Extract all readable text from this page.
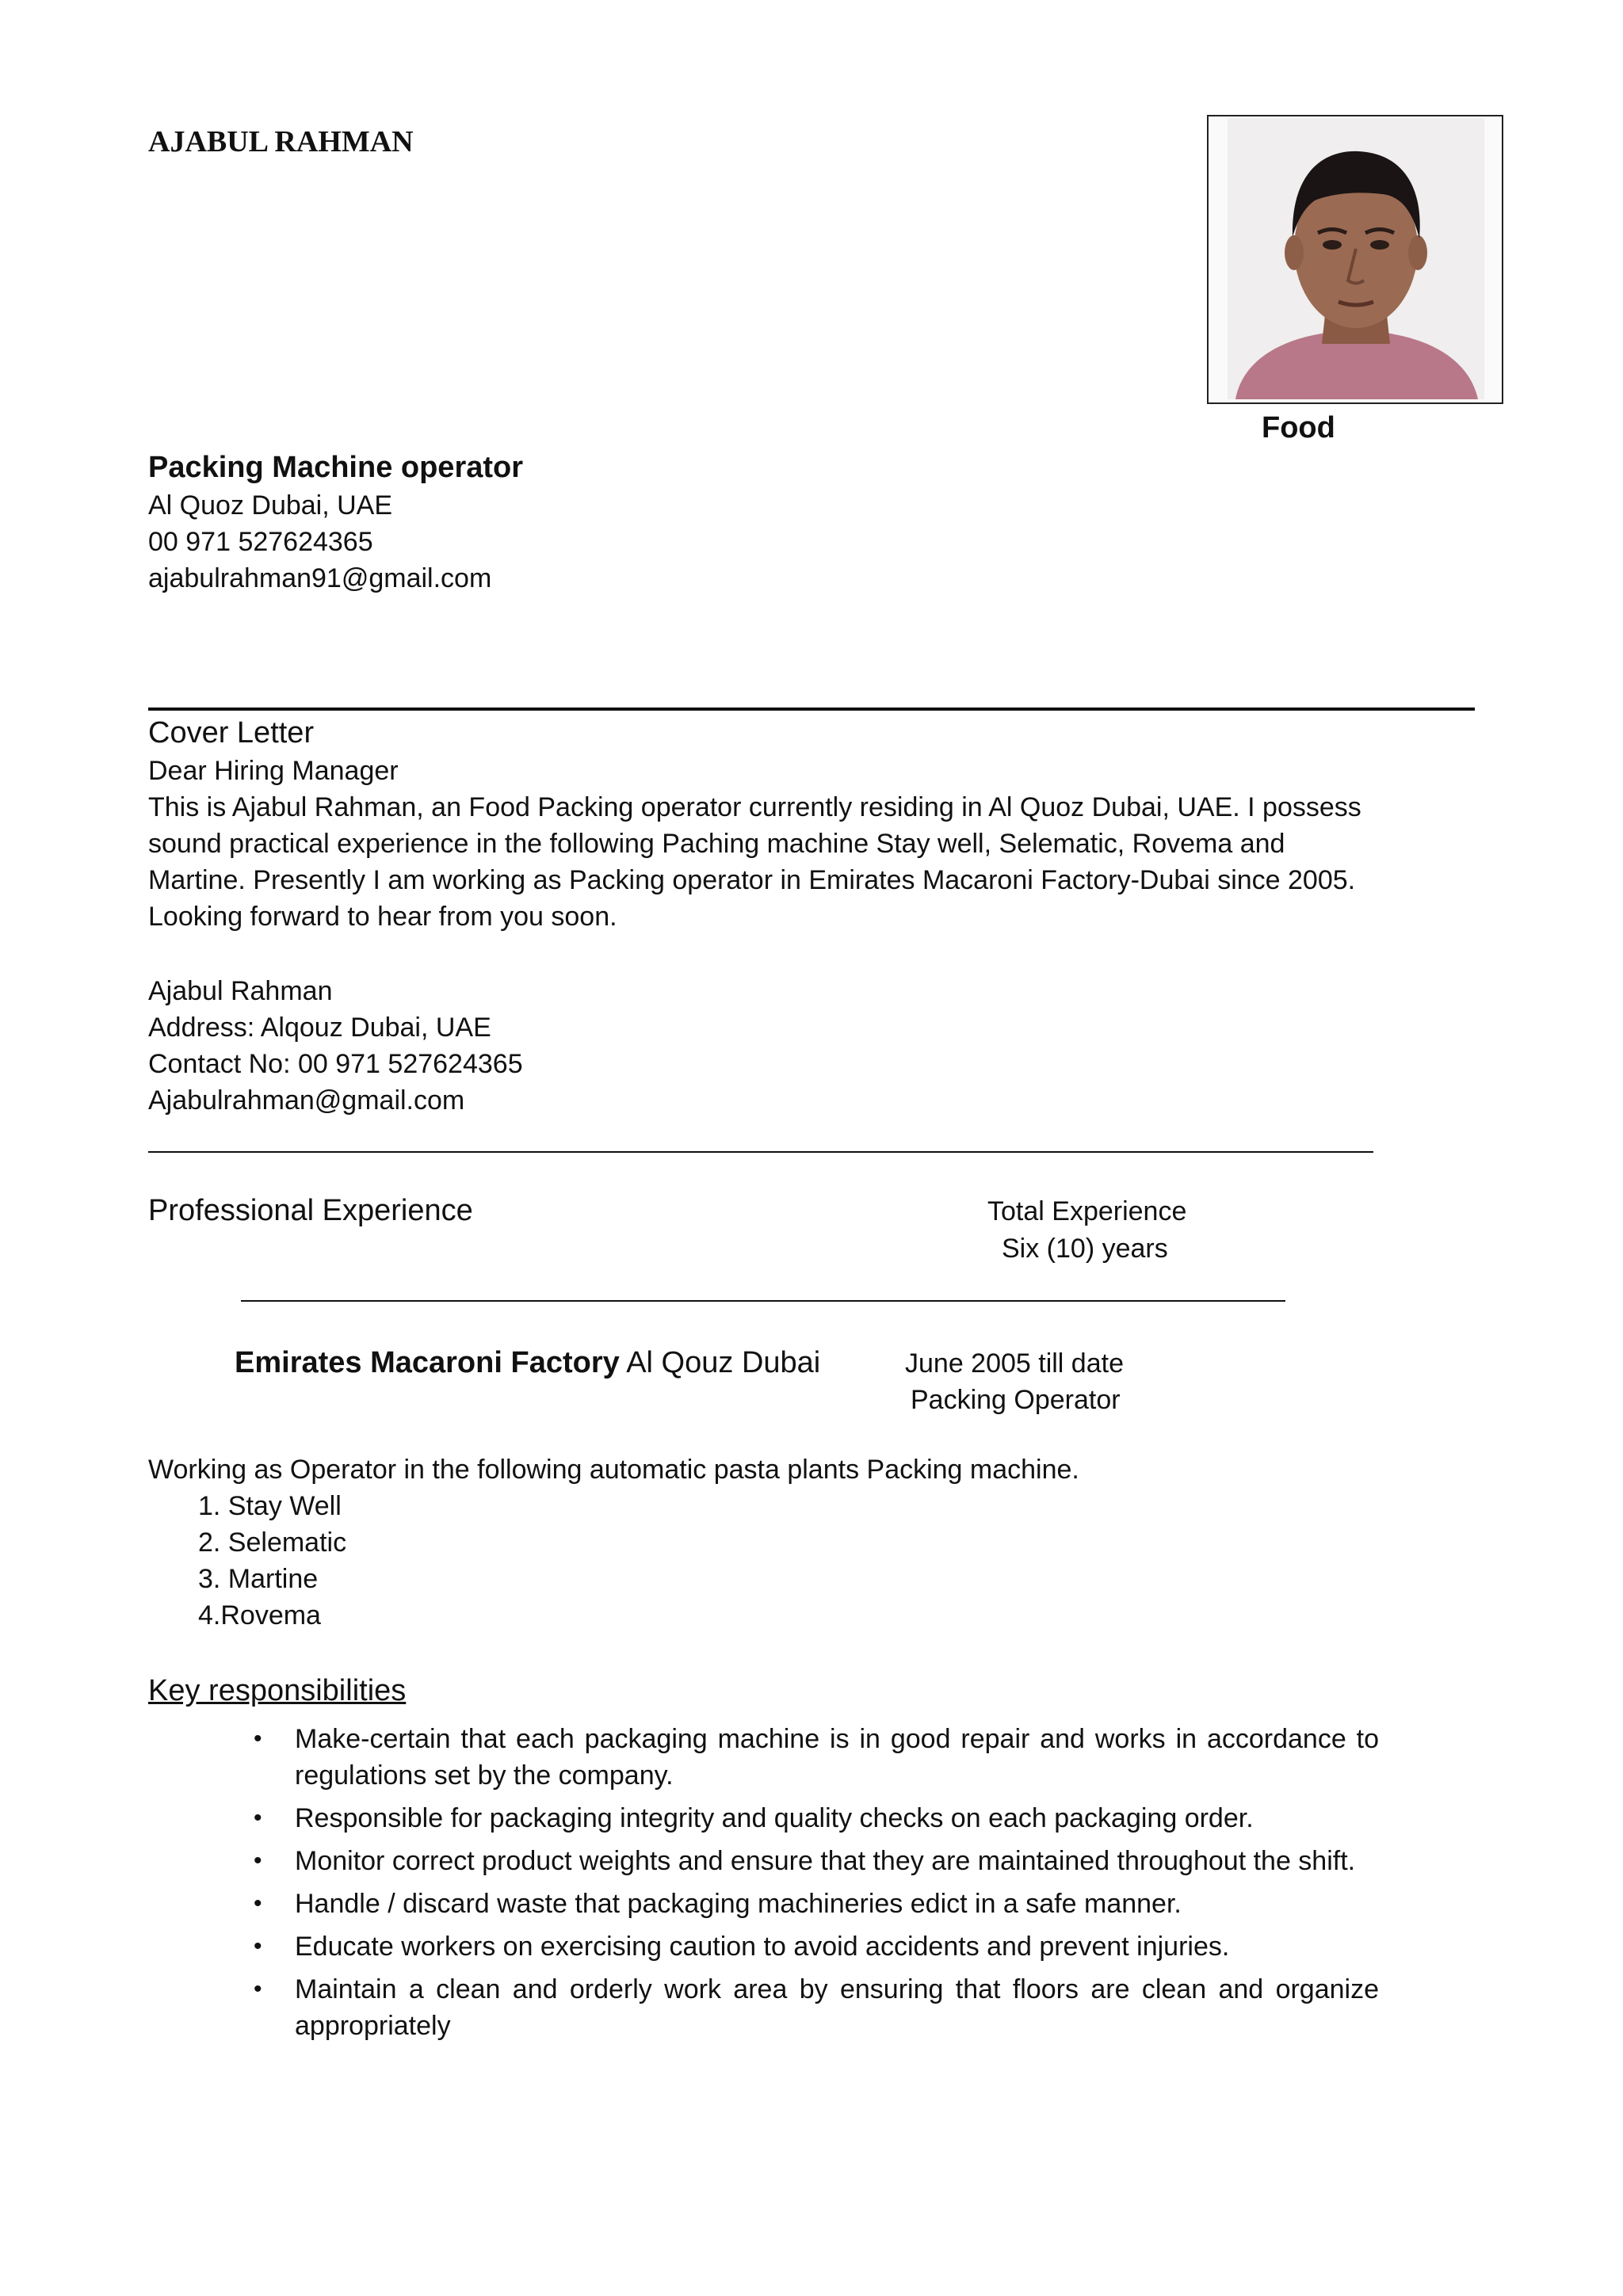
AJABUL RAHMAN
Food
Packing Machine operator
Al Quoz Dubai, UAE
00 971 527624365
ajabulrahman91@gmail.com
Cover Letter
Dear Hiring Manager
This is Ajabul Rahman, an Food Packing operator currently residing in Al Quoz Dubai, UAE. I possess
sound practical experience in the following Paching machine Stay well, Selematic, Rovema and
Martine. Presently I am working as Packing operator in Emirates Macaroni Factory-Dubai since 2005.
Looking forward to hear from you soon.
Ajabul Rahman
Address: Alqouz Dubai, UAE
Contact No: 00 971 527624365
Ajabulrahman@gmail.com
Professional Experience	Total Experience
Six (10) years
Emirates Macaroni Factory Al Qouz Dubai	June 2005 till date
Packing Operator
Working as Operator in the following automatic pasta plants Packing machine.
1. Stay Well
2. Selematic
3. Martine
4.Rovema
Key responsibilities
• Make-certain that each packaging machine is in good repair and works in accordance to regulations set by the company.
• Responsible for packaging integrity and quality checks on each packaging order.
• Monitor correct product weights and ensure that they are maintained throughout the shift.
• Handle / discard waste that packaging machineries edict in a safe manner.
• Educate workers on exercising caution to avoid accidents and prevent injuries.
• Maintain a clean and orderly work area by ensuring that floors are clean and organize appropriately
